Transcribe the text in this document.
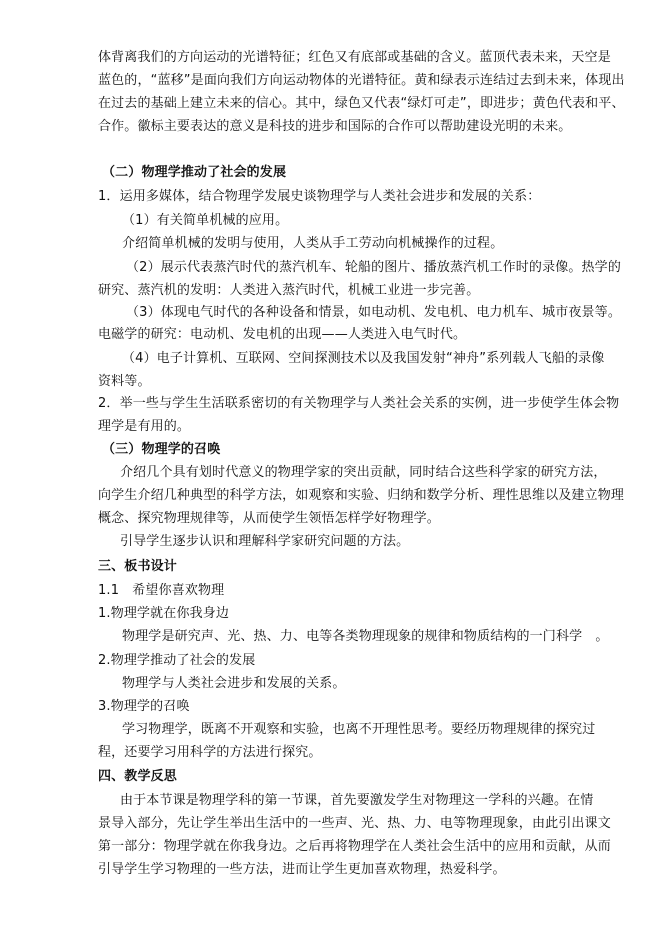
体背离我们的方向运动的光谱特征；红色又有底部或基础的含义。蓝顶代表未来，天空是
蓝色的，“蓝移”是面向我们方向运动物体的光谱特征。黄和绿表示连结过去到未来，体现出
在过去的基础上建立未来的信心。其中，绿色又代表“绿灯可走”，即进步；黄色代表和平、
合作。徽标主要表达的意义是科技的进步和国际的合作可以帮助建设光明的未来。
（二）物理学推动了社会的发展
1．运用多媒体，结合物理学发展史谈物理学与人类社会进步和发展的关系：
（1）有关简单机械的应用。
介绍简单机械的发明与使用，人类从手工劳动向机械操作的过程。
（2）展示代表蒸汽时代的蒸汽机车、轮船的图片、播放蒸汽机工作时的录像。热学的
研究、蒸汽机的发明：人类进入蒸汽时代，机械工业进一步完善。
（3）体现电气时代的各种设备和情景，如电动机、发电机、电力机车、城市夜景等。
电磁学的研究：电动机、发电机的出现——人类进入电气时代。
（4）电子计算机、互联网、空间探测技术以及我国发射“神舟”系列载人飞船的录像
资料等。
2．举一些与学生生活联系密切的有关物理学与人类社会关系的实例，进一步使学生体会物
理学是有用的。
（三）物理学的召唤
介绍几个具有划时代意义的物理学家的突出贡献，同时结合这些科学家的研究方法，
向学生介绍几种典型的科学方法，如观察和实验、归纳和数学分析、理性思维以及建立物理
概念、探究物理规律等，从而使学生领悟怎样学好物理学。
引导学生逐步认识和理解科学家研究问题的方法。
三、板书设计
1.1　希望你喜欢物理
1.物理学就在你我身边
物理学是研究声、光、热、力、电等各类物理现象的规律和物质结构的一门科学　。
2.物理学推动了社会的发展
物理学与人类社会进步和发展的关系。
3.物理学的召唤
学习物理学，既离不开观察和实验，也离不开理性思考。要经历物理规律的探究过
程，还要学习用科学的方法进行探究。
四、教学反思
由于本节课是物理学科的第一节课，首先要激发学生对物理这一学科的兴趣。在情
景导入部分，先让学生举出生活中的一些声、光、热、力、电等物理现象，由此引出课文
第一部分：物理学就在你我身边。之后再将物理学在人类社会生活中的应用和贡献，从而
引导学生学习物理的一些方法，进而让学生更加喜欢物理，热爱科学。
